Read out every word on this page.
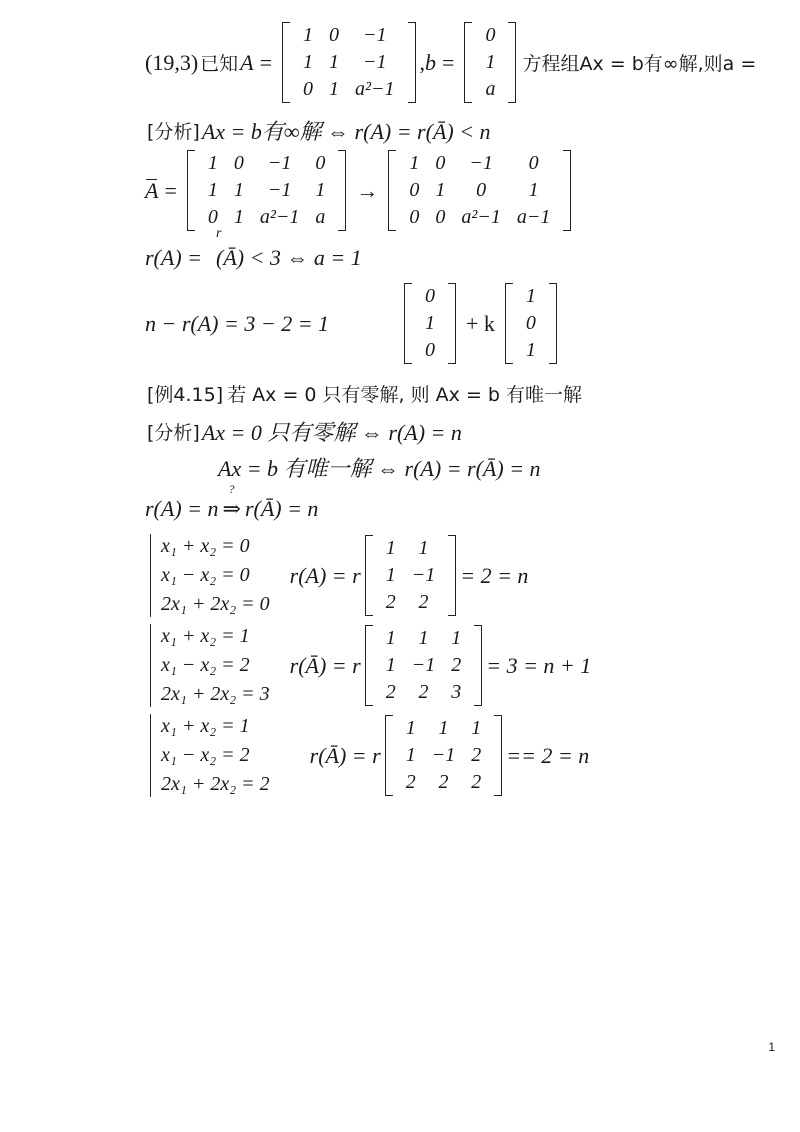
(19,3) 已知 A =
1 0	−1
1 1	−1
0 1 a²−1
, b =
0
1
a
方程组Ax = b有∞解,则a =
[分析] Ax = b有∞解 ⇔ r(A) = r(Ā) < n
A =
1 0	−1	0
1 1	−1	1
0 1 a²−1 a
→
1 0	−1	0
0 1	0	1
0 0 a²−1 a−1
r
r(A) = (Ā) < 3 ⇔ a = 1
n − r(A) = 3 − 2 = 1
0
1
0
+ k
1
0
1
[例4.15] 若 Ax = 0 只有零解, 则 Ax = b 有唯一解
[分析] Ax = 0 只有零解 ⇔ r(A) = n
Ax = b 有唯一解 ⇔ r(A) = r(Ā) = n
r(A) = n
?
⇒ r(Ā) = n
x₁ + x₂ = 0
x₁ − x₂ = 0
2x₁ + 2x₂ = 0
r(A) = r
1	1
1 −1
2	2
= 2 = n
x₁ + x₂ = 1
x₁ − x₂ = 2
2x₁ + 2x₂ = 3
r(Ā) = r
1	1	1
1 −1 2
2	2	3
= 3 = n + 1
x₁ + x₂ = 1
x₁ − x₂ = 2
2x₁ + 2x₂ = 2
r(Ā) = r
1	1	1
1 −1 2
2	2	2
== 2 = n
1
